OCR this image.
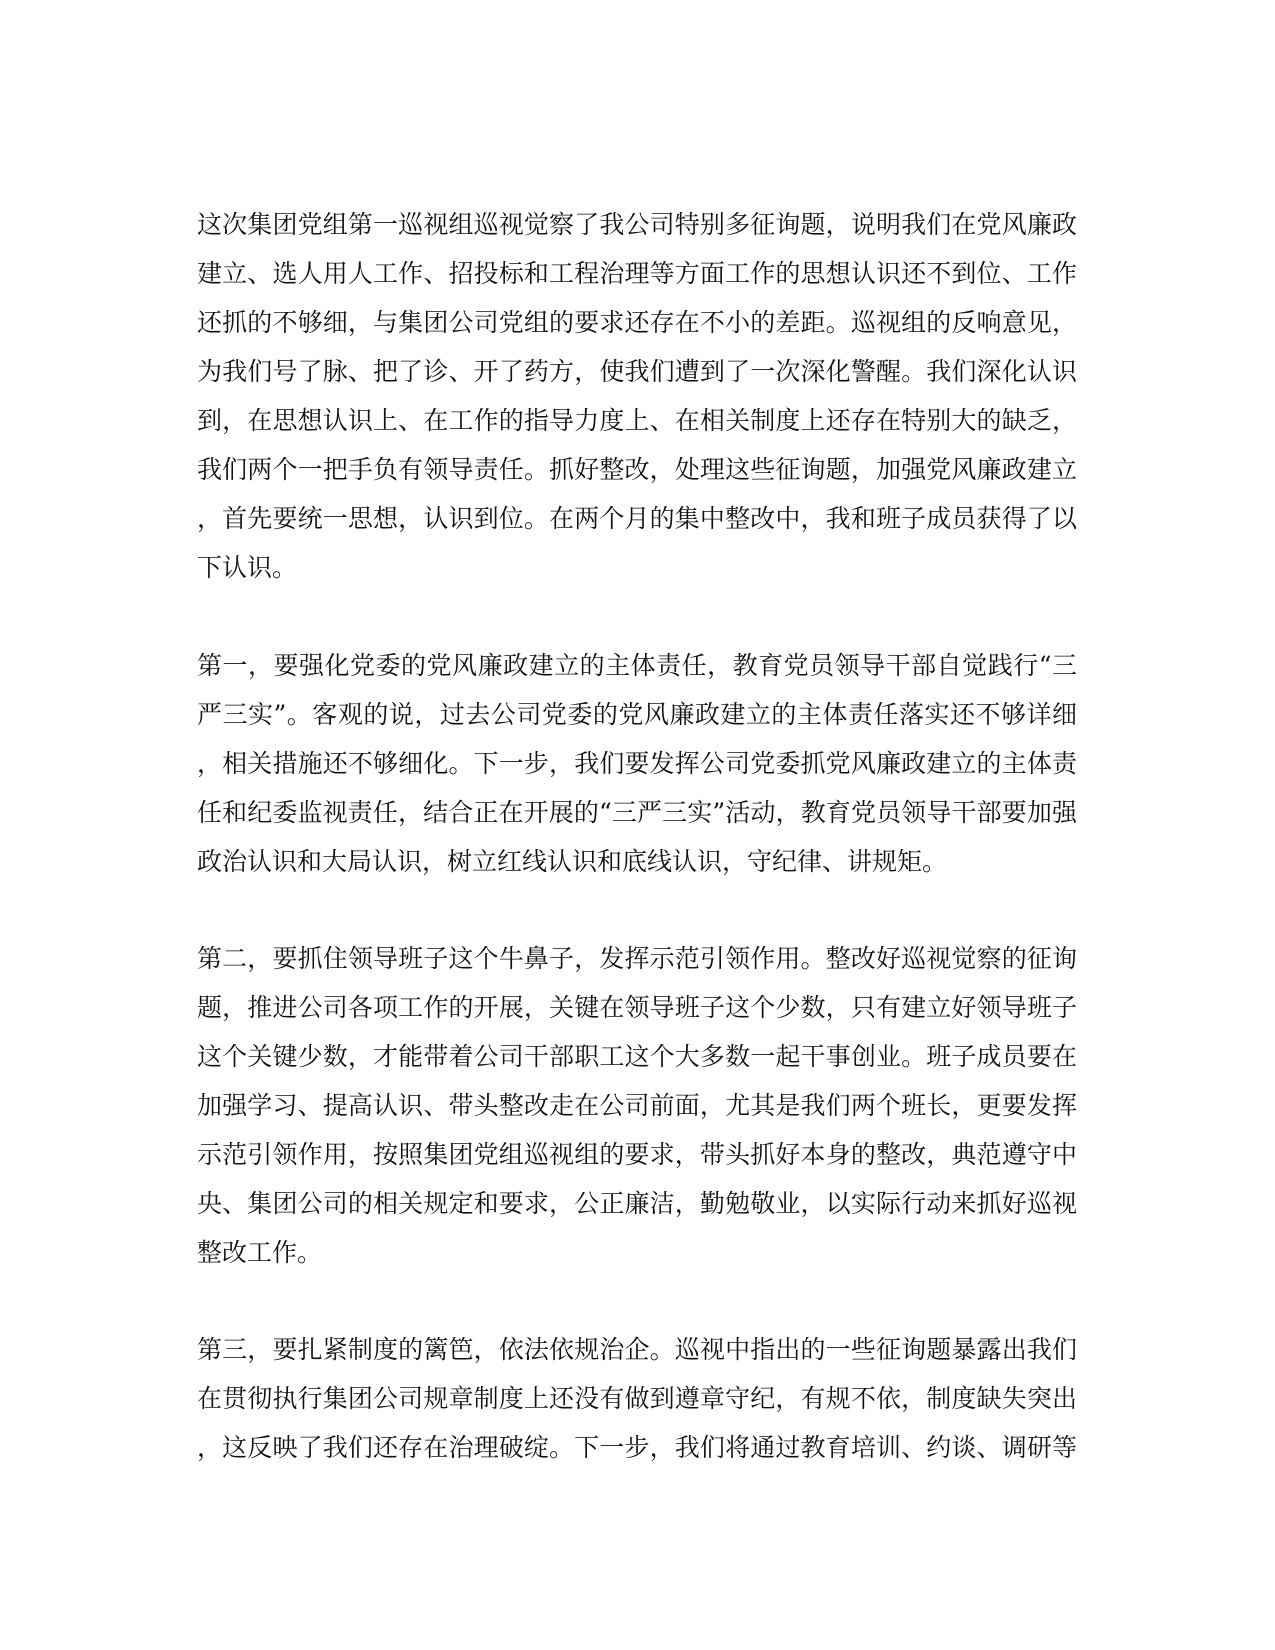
这次集团党组第一巡视组巡视觉察了我公司特别多征询题，说明我们在党风廉政
建立、选人用人工作、招投标和工程治理等方面工作的思想认识还不到位、工作
还抓的不够细，与集团公司党组的要求还存在不小的差距。巡视组的反响意见，
为我们号了脉、把了诊、开了药方，使我们遭到了一次深化警醒。我们深化认识
到，在思想认识上、在工作的指导力度上、在相关制度上还存在特别大的缺乏，
我们两个一把手负有领导责任。抓好整改，处理这些征询题，加强党风廉政建立
，首先要统一思想，认识到位。在两个月的集中整改中，我和班子成员获得了以
下认识。
第一，要强化党委的党风廉政建立的主体责任，教育党员领导干部自觉践行“三
严三实”。客观的说，过去公司党委的党风廉政建立的主体责任落实还不够详细
，相关措施还不够细化。下一步，我们要发挥公司党委抓党风廉政建立的主体责
任和纪委监视责任，结合正在开展的“三严三实”活动，教育党员领导干部要加强
政治认识和大局认识，树立红线认识和底线认识，守纪律、讲规矩。
第二，要抓住领导班子这个牛鼻子，发挥示范引领作用。整改好巡视觉察的征询
题，推进公司各项工作的开展，关键在领导班子这个少数，只有建立好领导班子
这个关键少数，才能带着公司干部职工这个大多数一起干事创业。班子成员要在
加强学习、提高认识、带头整改走在公司前面，尤其是我们两个班长，更要发挥
示范引领作用，按照集团党组巡视组的要求，带头抓好本身的整改，典范遵守中
央、集团公司的相关规定和要求，公正廉洁，勤勉敬业，以实际行动来抓好巡视
整改工作。
第三，要扎紧制度的篱笆，依法依规治企。巡视中指出的一些征询题暴露出我们
在贯彻执行集团公司规章制度上还没有做到遵章守纪，有规不依，制度缺失突出
，这反映了我们还存在治理破绽。下一步，我们将通过教育培训、约谈、调研等
